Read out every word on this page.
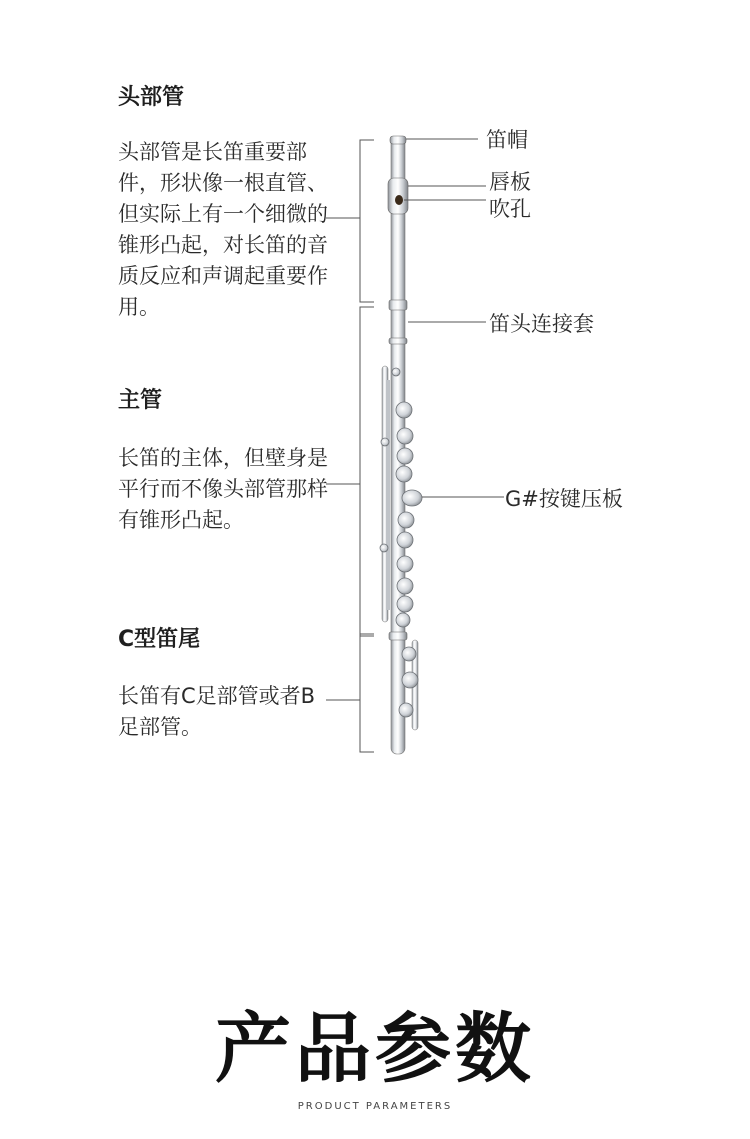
头部管

头部管是长笛重要部件，形状像一根直管、但实际上有一个细微的锥形凸起，对长笛的音质反应和声调起重要作用。

主管

长笛的主体，但壁身是平行而不像头部管那样有锥形凸起。

C型笛尾

长笛有C足部管或者B足部管。

笛帽
唇板
吹孔
笛头连接套
G#按键压板
产品参数
PRODUCT PARAMETERS
